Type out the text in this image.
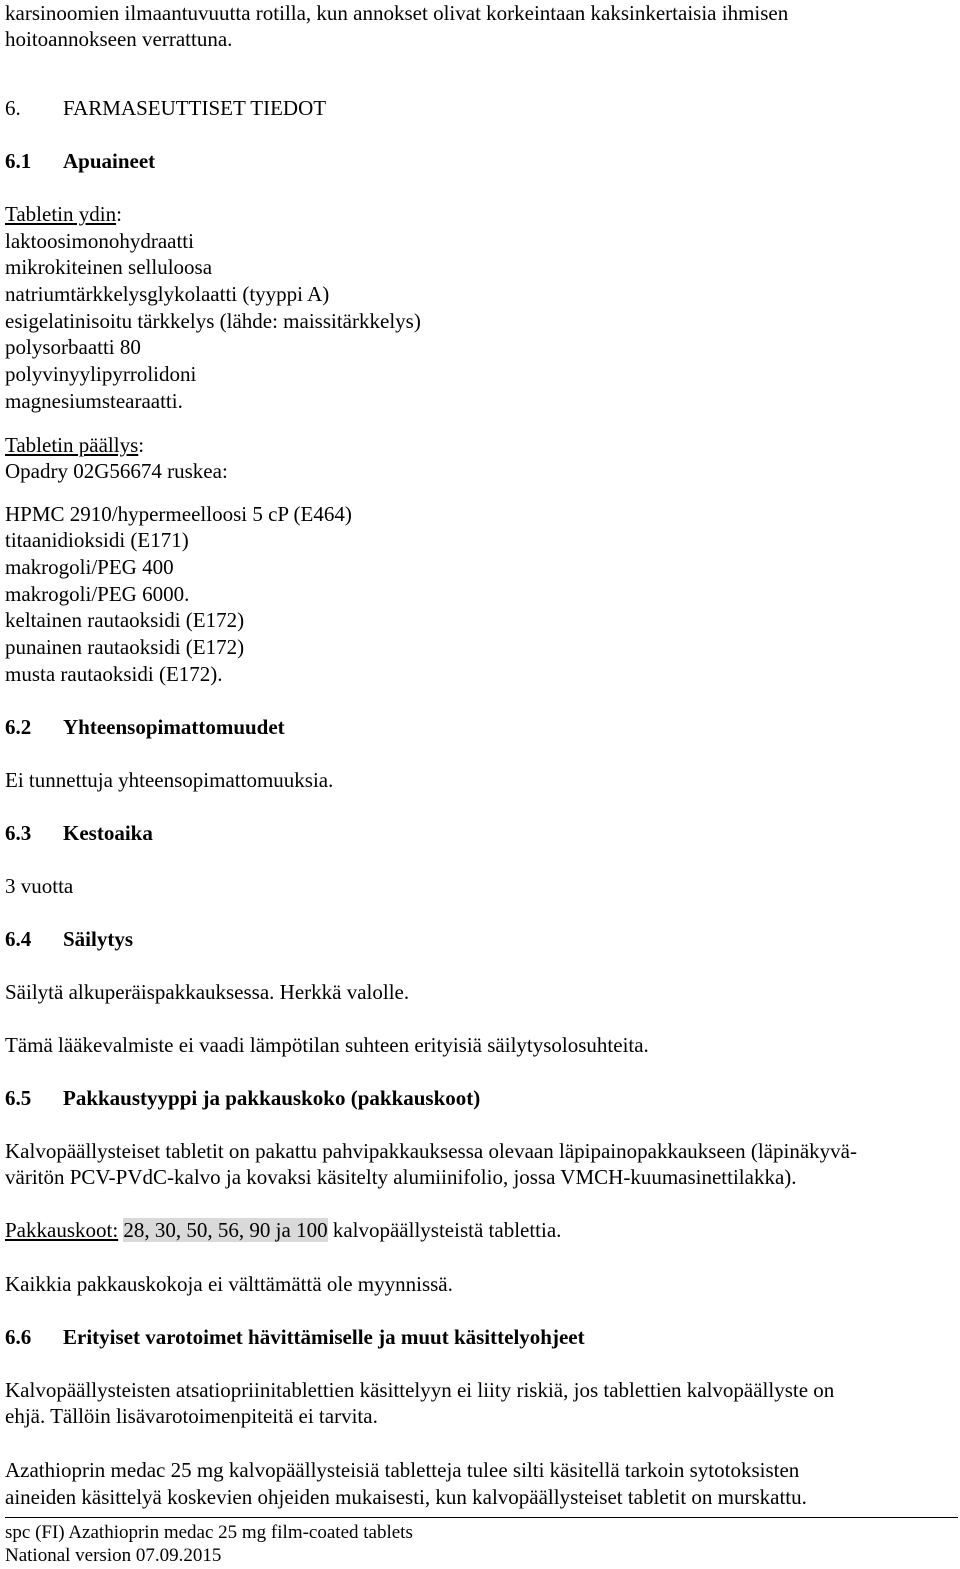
karsinoomien ilmaantuvuutta rotilla, kun annokset olivat korkeintaan kaksinkertaisia ihmisen
hoitoannokseen verrattuna.
6. FARMASEUTTISET TIEDOT
6.1 Apuaineet
Tabletin ydin:
laktoosimonohydraatti
mikrokiteinen selluloosa
natriumtärkkelysglykolaatti (tyyppi A)
esigelatinisoitu tärkkelys (lähde: maissitärkkelys)
polysorbaatti 80
polyvinyylipyrrolidoni
magnesiumstearaatti.
Tabletin päällys:
Opadry 02G56674 ruskea:
HPMC 2910/hypermeelloosi 5 cP (E464)
titaanidioksidi (E171)
makrogoli/PEG 400
makrogoli/PEG 6000.
keltainen rautaoksidi (E172)
punainen rautaoksidi (E172)
musta rautaoksidi (E172).
6.2 Yhteensopimattomuudet
Ei tunnettuja yhteensopimattomuuksia.
6.3 Kestoaika
3 vuotta
6.4 Säilytys
Säilytä alkuperäispakkauksessa. Herkkä valolle.
Tämä lääkevalmiste ei vaadi lämpötilan suhteen erityisiä säilytysolosuhteita.
6.5 Pakkaustyyppi ja pakkauskoko (pakkauskoot)
Kalvopäällysteiset tabletit on pakattu pahvipakkauksessa olevaan läpipainopakkaukseen (läpinäkyvä-
väritön PCV-PVdC-kalvo ja kovaksi käsitelty alumiinifolio, jossa VMCH-kuumasinettilakka).
Pakkauskoot: 28, 30, 50, 56, 90 ja 100 kalvopäällysteistä tablettia.
Kaikkia pakkauskokoja ei välttämättä ole myynnissä.
6.6 Erityiset varotoimet hävittämiselle ja muut käsittelyohjeet
Kalvopäällysteisten atsatiopriinitablettien käsittelyyn ei liity riskiä, jos tablettien kalvopäällyste on
ehjä. Tällöin lisävarotoimenpiteitä ei tarvita.
Azathioprin medac 25 mg kalvopäällysteisiä tabletteja tulee silti käsitellä tarkoin sytotoksisten
aineiden käsittelyä koskevien ohjeiden mukaisesti, kun kalvopäällysteiset tabletit on murskattu.
spc (FI) Azathioprin medac 25 mg film-coated tablets
National version 07.09.2015
